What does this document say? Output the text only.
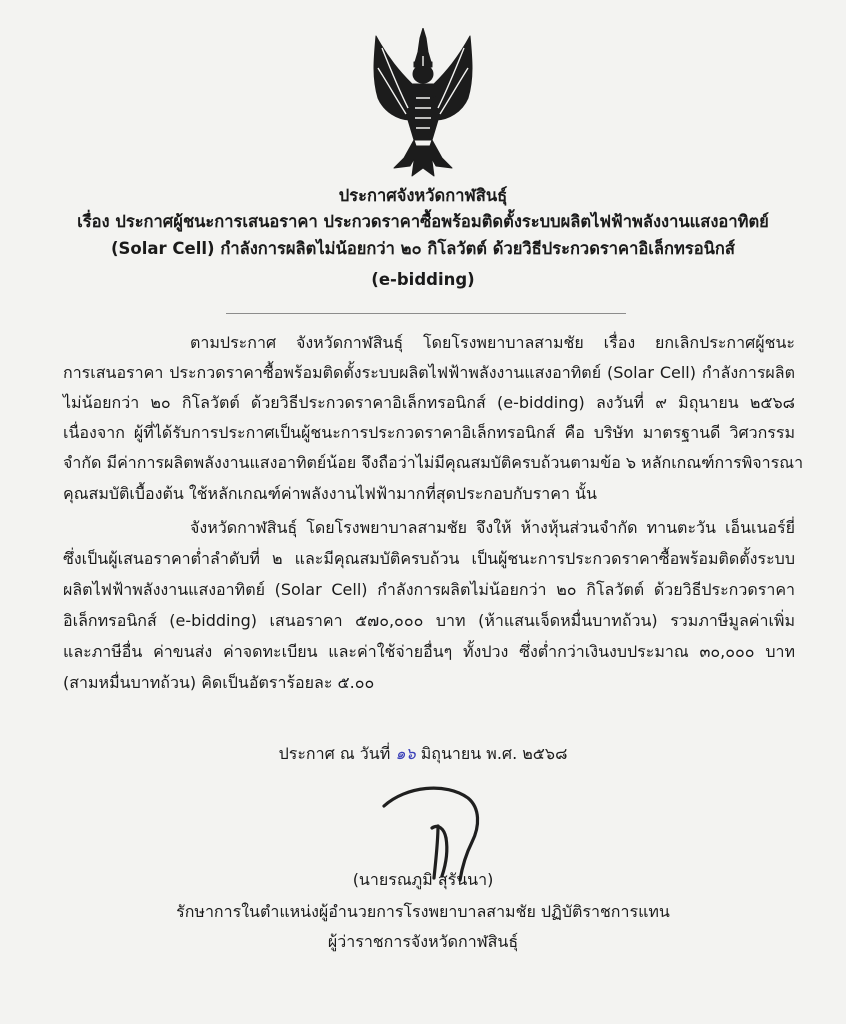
ประกาศจังหวัดกาฬสินธุ์
เรื่อง ประกาศผู้ชนะการเสนอราคา ประกวดราคาซื้อพร้อมติดตั้งระบบผลิตไฟฟ้าพลังงานแสงอาทิตย์
(Solar Cell) กำลังการผลิตไม่น้อยกว่า ๒๐ กิโลวัตต์ ด้วยวิธีประกวดราคาอิเล็กทรอนิกส์
(e-bidding)
ตามประกาศ จังหวัดกาฬสินธุ์ โดยโรงพยาบาลสามชัย เรื่อง ยกเลิกประกาศผู้ชนะ
การเสนอราคา ประกวดราคาซื้อพร้อมติดตั้งระบบผลิตไฟฟ้าพลังงานแสงอาทิตย์ (Solar Cell) กำลังการผลิต
ไม่น้อยกว่า ๒๐ กิโลวัตต์ ด้วยวิธีประกวดราคาอิเล็กทรอนิกส์ (e-bidding) ลงวันที่ ๙ มิถุนายน ๒๕๖๘
เนื่องจาก ผู้ที่ได้รับการประกาศเป็นผู้ชนะการประกวดราคาอิเล็กทรอนิกส์ คือ บริษัท มาตรฐานดี วิศวกรรม
จำกัด มีค่าการผลิตพลังงานแสงอาทิตย์น้อย จึงถือว่าไม่มีคุณสมบัติครบถ้วนตามข้อ ๖ หลักเกณฑ์การพิจารณา
คุณสมบัติเบื้องต้น ใช้หลักเกณฑ์ค่าพลังงานไฟฟ้ามากที่สุดประกอบกับราคา นั้น
จังหวัดกาฬสินธุ์ โดยโรงพยาบาลสามชัย จึงให้ ห้างหุ้นส่วนจำกัด ทานตะวัน เอ็นเนอร์ยี่
ซึ่งเป็นผู้เสนอราคาต่ำลำดับที่ ๒ และมีคุณสมบัติครบถ้วน เป็นผู้ชนะการประกวดราคาซื้อพร้อมติดตั้งระบบ
ผลิตไฟฟ้าพลังงานแสงอาทิตย์ (Solar Cell) กำลังการผลิตไม่น้อยกว่า ๒๐ กิโลวัตต์ ด้วยวิธีประกวดราคา
อิเล็กทรอนิกส์ (e-bidding) เสนอราคา ๕๗๐,๐๐๐ บาท (ห้าแสนเจ็ดหมื่นบาทถ้วน) รวมภาษีมูลค่าเพิ่ม
และภาษีอื่น ค่าขนส่ง ค่าจดทะเบียน และค่าใช้จ่ายอื่นๆ ทั้งปวง ซึ่งต่ำกว่าเงินงบประมาณ ๓๐,๐๐๐ บาท
(สามหมื่นบาทถ้วน) คิดเป็นอัตราร้อยละ ๕.๐๐
ประกาศ ณ วันที่ ๑๖ มิถุนายน พ.ศ. ๒๕๖๘
(นายรณภูมิ สุรันนา)
รักษาการในตำแหน่งผู้อำนวยการโรงพยาบาลสามชัย ปฏิบัติราชการแทน
ผู้ว่าราชการจังหวัดกาฬสินธุ์
